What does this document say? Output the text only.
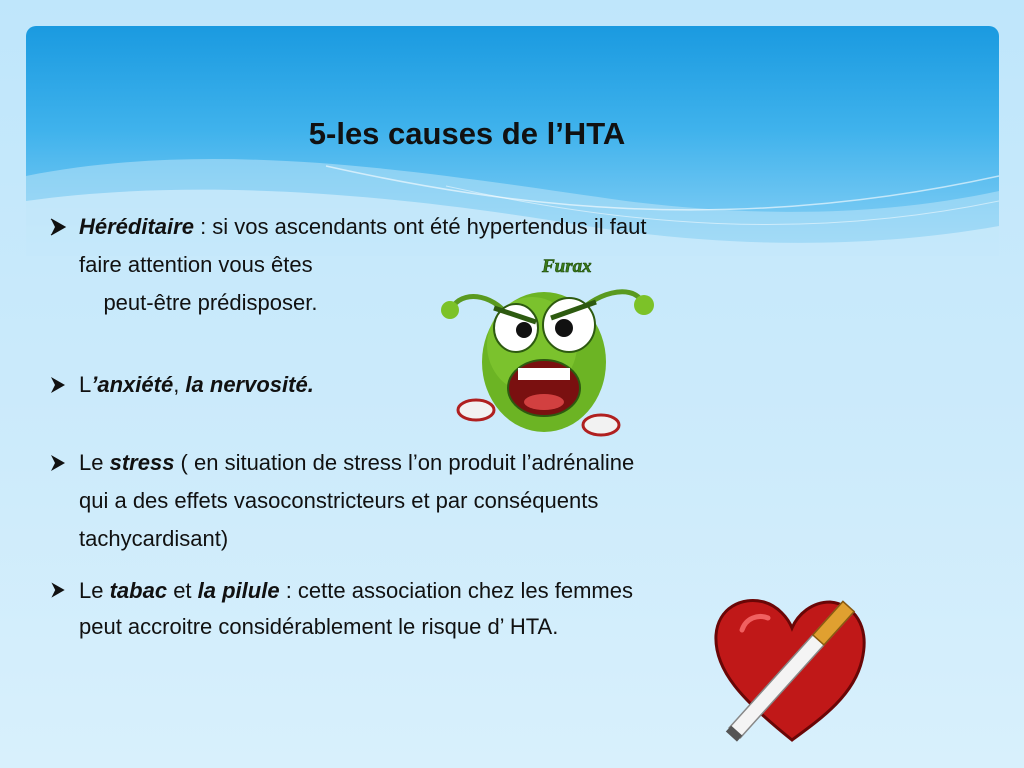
5-les causes de l’HTA
Héréditaire : si vos ascendants ont été hypertendus il faut
faire attention vous êtes
peut-être prédisposer.
L’anxiété, la nervosité.
Le stress ( en situation de stress l’on produit l’adrénaline
qui a des effets vasoconstricteurs et par conséquents
tachycardisant)
Le tabac et la pilule : cette association chez les femmes
peut accroitre considérablement le risque d’ HTA.
Furax
